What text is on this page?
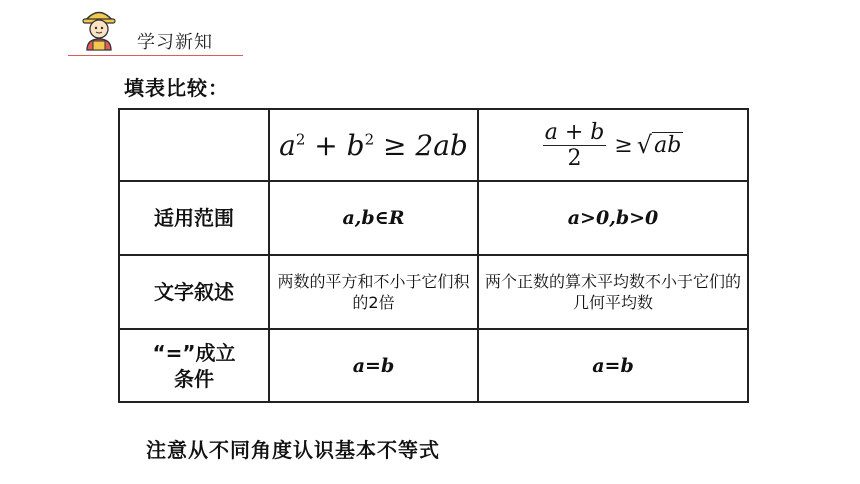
学习新知
填表比较：
	$a^2 + b^2 \ge 2ab$	a + b
2
≥ √ ab

适用范围	a,b∈R	a>0,b>0
文字叙述	两数的平方和不小于它们积的2倍	两个正数的算术平均数不小于它们的几何平均数

“=”成立
条件	a=b	a=b
注意从不同角度认识基本不等式
